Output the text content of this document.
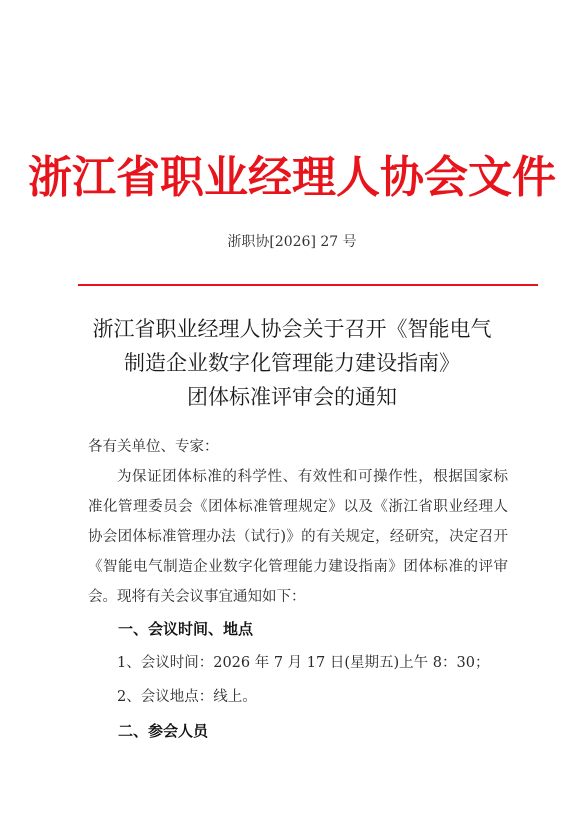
浙江省职业经理人协会文件
浙职协[2026] 27 号
浙江省职业经理人协会关于召开《智能电气
制造企业数字化管理能力建设指南》
团体标准评审会的通知
各有关单位、专家：
为保证团体标准的科学性、有效性和可操作性，根据国家标准化管理委员会《团体标准管理规定》以及《浙江省职业经理人协会团体标准管理办法（试行)》的有关规定，经研究，决定召开《智能电气制造企业数字化管理能力建设指南》团体标准的评审会。现将有关会议事宜通知如下：
一、会议时间、地点
1、会议时间：2026 年 7 月 17 日(星期五)上午 8：30；
2、会议地点：线上。
二、参会人员
